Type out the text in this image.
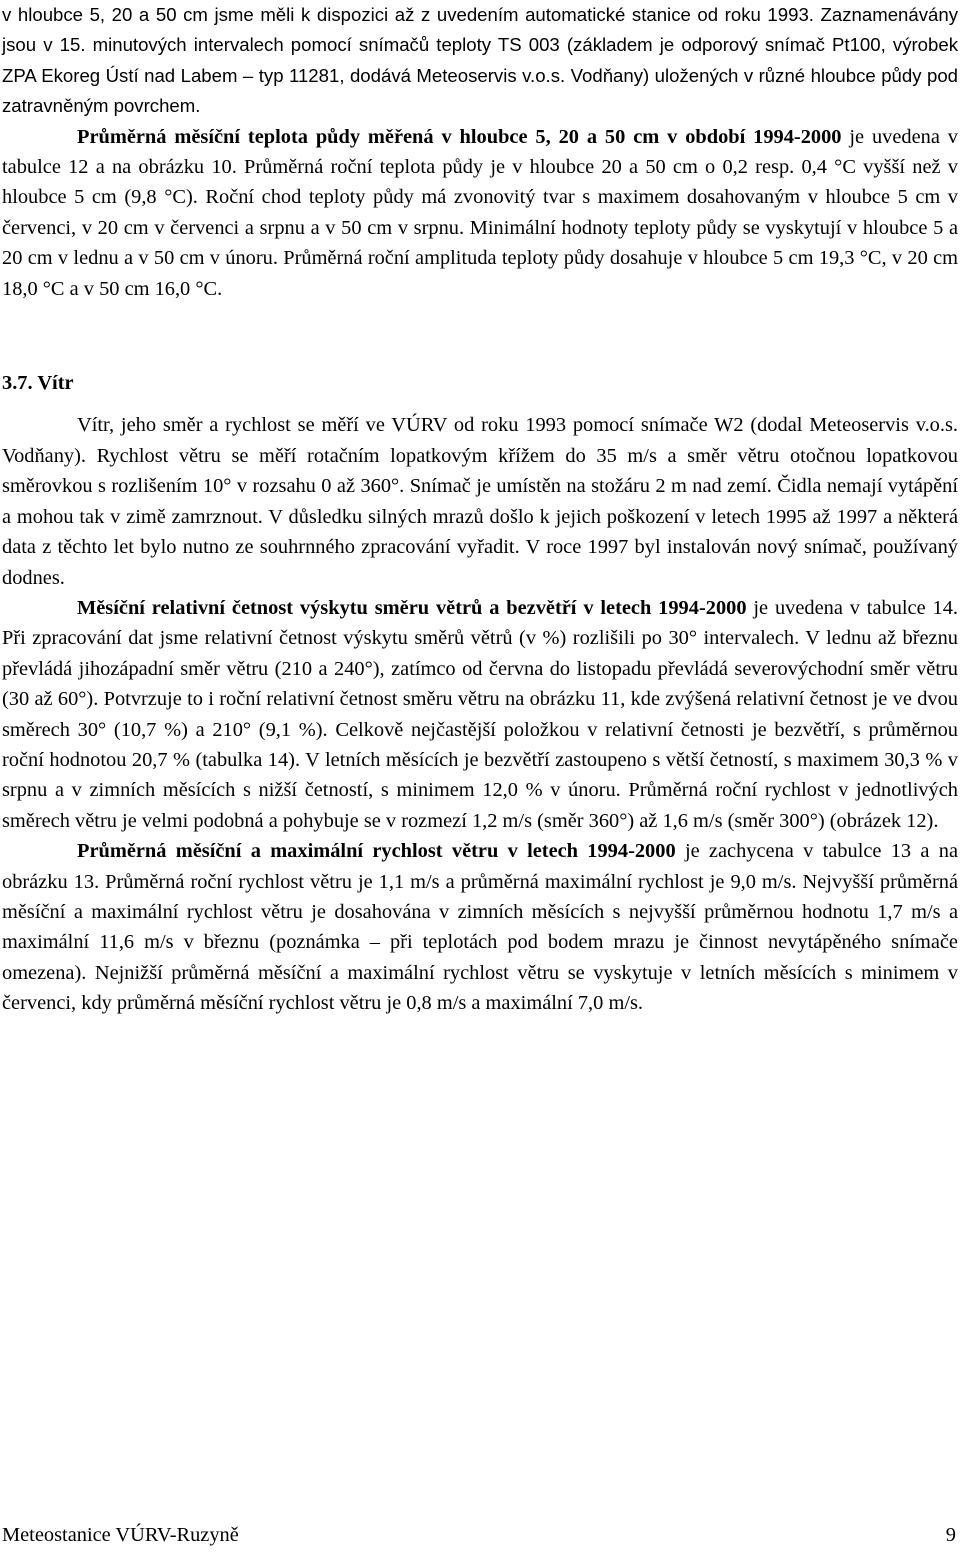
v hloubce 5, 20 a 50 cm jsme měli k dispozici až z uvedením automatické stanice od roku 1993. Zaznamenávány jsou v 15. minutových intervalech pomocí snímačů teploty TS 003 (základem je odporový snímač Pt100, výrobek ZPA Ekoreg Ústí nad Labem – typ 11281, dodává Meteoservis v.o.s. Vodňany) uložených v různé hloubce půdy pod zatravněným povrchem.

Průměrná měsíční teplota půdy měřená v hloubce 5, 20 a 50 cm v období 1994-2000 je uvedena v tabulce 12 a na obrázku 10. Průměrná roční teplota půdy je v hloubce 20 a 50 cm o 0,2 resp. 0,4 °C vyšší než v hloubce 5 cm (9,8 °C). Roční chod teploty půdy má zvonovitý tvar s maximem dosahovaným v hloubce 5 cm v červenci, v 20 cm v červenci a srpnu a v 50 cm v srpnu. Minimální hodnoty teploty půdy se vyskytují v hloubce 5 a 20 cm v lednu a v 50 cm v únoru. Průměrná roční amplituda teploty půdy dosahuje v hloubce 5 cm 19,3 °C, v 20 cm 18,0 °C a v 50 cm 16,0 °C.

3.7. Vítr

Vítr, jeho směr a rychlost se měří ve VÚRV od roku 1993 pomocí snímače W2 (dodal Meteoservis v.o.s. Vodňany). Rychlost větru se měří rotačním lopatkovým křížem do 35 m/s a směr větru otočnou lopatkovou směrovkou s rozlišením 10° v rozsahu 0 až 360°. Snímač je umístěn na stožáru 2 m nad zemí. Čidla nemají vytápění a mohou tak v zimě zamrznout. V důsledku silných mrazů došlo k jejich poškození v letech 1995 až 1997 a některá data z těchto let bylo nutno ze souhrnného zpracování vyřadit. V roce 1997 byl instalován nový snímač, používaný dodnes.

Měsíční relativní četnost výskytu směru větrů a bezvětří v letech 1994-2000 je uvedena v tabulce 14. Při zpracování dat jsme relativní četnost výskytu směrů větrů (v %) rozlišili po 30° intervalech. V lednu až březnu převládá jihozápadní směr větru (210 a 240°), zatímco od června do listopadu převládá severovýchodní směr větru (30 až 60°). Potvrzuje to i roční relativní četnost směru větru na obrázku 11, kde zvýšená relativní četnost je ve dvou směrech 30° (10,7 %) a 210° (9,1 %). Celkově nejčastější položkou v relativní četnosti je bezvětří, s průměrnou roční hodnotou 20,7 % (tabulka 14). V letních měsících je bezvětří zastoupeno s větší četností, s maximem 30,3 % v srpnu a v zimních měsících s nižší četností, s minimem 12,0 % v únoru. Průměrná roční rychlost v jednotlivých směrech větru je velmi podobná a pohybuje se v rozmezí 1,2 m/s (směr 360°) až 1,6 m/s (směr 300°) (obrázek 12).

Průměrná měsíční a maximální rychlost větru v letech 1994-2000 je zachycena v tabulce 13 a na obrázku 13. Průměrná roční rychlost větru je 1,1 m/s a průměrná maximální rychlost je 9,0 m/s. Nejvyšší průměrná měsíční a maximální rychlost větru je dosahována v zimních měsících s nejvyšší průměrnou hodnotu 1,7 m/s a maximální 11,6 m/s v březnu (poznámka – při teplotách pod bodem mrazu je činnost nevytápěného snímače omezena). Nejnižší průměrná měsíční a maximální rychlost větru se vyskytuje v letních měsících s minimem v červenci, kdy průměrná měsíční rychlost větru je 0,8 m/s a maximální 7,0 m/s.

Meteostanice VÚRV-Ruzyně	9
